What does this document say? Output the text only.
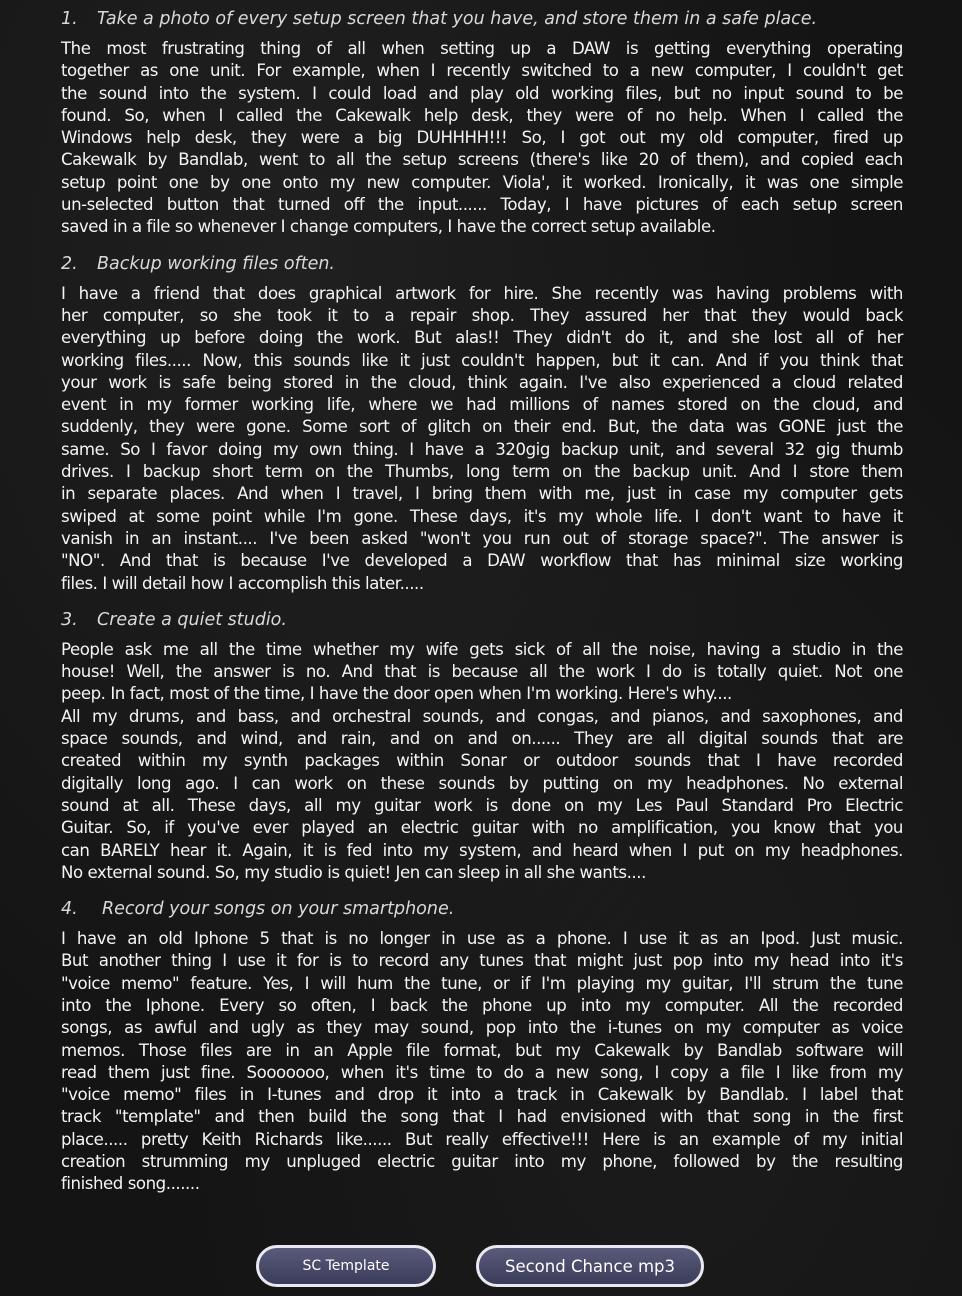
1. Take a photo of every setup screen that you have, and store them in a safe place.
The most frustrating thing of all when setting up a DAW is getting everything operating
together as one unit. For example, when I recently switched to a new computer, I couldn't get
the sound into the system. I could load and play old working files, but no input sound to be
found. So, when I called the Cakewalk help desk, they were of no help. When I called the
Windows help desk, they were a big DUHHHH!!! So, I got out my old computer, fired up
Cakewalk by Bandlab, went to all the setup screens (there's like 20 of them), and copied each
setup point one by one onto my new computer. Viola', it worked. Ironically, it was one simple
un-selected button that turned off the input...... Today, I have pictures of each setup screen
saved in a file so whenever I change computers, I have the correct setup available.
2. Backup working files often.
I have a friend that does graphical artwork for hire. She recently was having problems with
her computer, so she took it to a repair shop. They assured her that they would back
everything up before doing the work. But alas!! They didn't do it, and she lost all of her
working files..... Now, this sounds like it just couldn't happen, but it can. And if you think that
your work is safe being stored in the cloud, think again. I've also experienced a cloud related
event in my former working life, where we had millions of names stored on the cloud, and
suddenly, they were gone. Some sort of glitch on their end. But, the data was GONE just the
same. So I favor doing my own thing. I have a 320gig backup unit, and several 32 gig thumb
drives. I backup short term on the Thumbs, long term on the backup unit. And I store them
in separate places. And when I travel, I bring them with me, just in case my computer gets
swiped at some point while I'm gone. These days, it's my whole life. I don't want to have it
vanish in an instant.... I've been asked "won't you run out of storage space?". The answer is
"NO". And that is because I've developed a DAW workflow that has minimal size working
files. I will detail how I accomplish this later.....
3. Create a quiet studio.
People ask me all the time whether my wife gets sick of all the noise, having a studio in the
house! Well, the answer is no. And that is because all the work I do is totally quiet. Not one
peep. In fact, most of the time, I have the door open when I'm working. Here's why....
All my drums, and bass, and orchestral sounds, and congas, and pianos, and saxophones, and
space sounds, and wind, and rain, and on and on...... They are all digital sounds that are
created within my synth packages within Sonar or outdoor sounds that I have recorded
digitally long ago. I can work on these sounds by putting on my headphones. No external
sound at all. These days, all my guitar work is done on my Les Paul Standard Pro Electric
Guitar. So, if you've ever played an electric guitar with no amplification, you know that you
can BARELY hear it. Again, it is fed into my system, and heard when I put on my headphones.
No external sound. So, my studio is quiet! Jen can sleep in all she wants....
4. Record your songs on your smartphone.
I have an old Iphone 5 that is no longer in use as a phone. I use it as an Ipod. Just music.
But another thing I use it for is to record any tunes that might just pop into my head into it's
"voice memo" feature. Yes, I will hum the tune, or if I'm playing my guitar, I'll strum the tune
into the Iphone. Every so often, I back the phone up into my computer. All the recorded
songs, as awful and ugly as they may sound, pop into the i-tunes on my computer as voice
memos. Those files are in an Apple file format, but my Cakewalk by Bandlab software will
read them just fine. Sooooooo, when it's time to do a new song, I copy a file I like from my
"voice memo" files in I-tunes and drop it into a track in Cakewalk by Bandlab. I label that
track "template" and then build the song that I had envisioned with that song in the first
place..... pretty Keith Richards like...... But really effective!!! Here is an example of my initial
creation strumming my unpluged electric guitar into my phone, followed by the resulting
finished song.......
SC Template	Second Chance mp3
